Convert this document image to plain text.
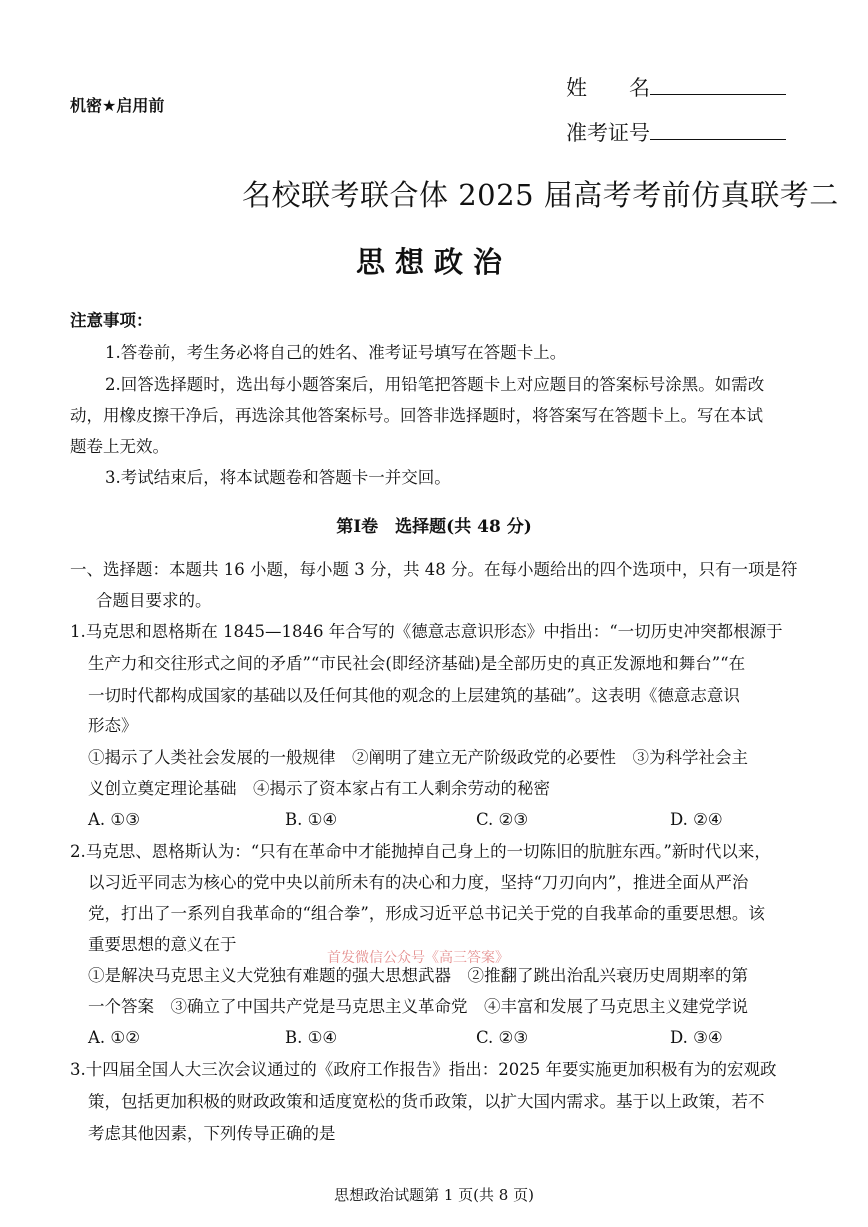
机密★启用前
姓　　名
准考证号
名校联考联合体 2025 届高考考前仿真联考二
思想政治
注意事项：
1.答卷前，考生务必将自己的姓名、准考证号填写在答题卡上。
2.回答选择题时，选出每小题答案后，用铅笔把答题卡上对应题目的答案标号涂黑。如需改
动，用橡皮擦干净后，再选涂其他答案标号。回答非选择题时，将答案写在答题卡上。写在本试
题卷上无效。
3.考试结束后，将本试题卷和答题卡一并交回。
第Ⅰ卷　选择题(共 48 分)
一、选择题：本题共 16 小题，每小题 3 分，共 48 分。在每小题给出的四个选项中，只有一项是符
合题目要求的。
1.马克思和恩格斯在 1845—1846 年合写的《德意志意识形态》中指出：“一切历史冲突都根源于
生产力和交往形式之间的矛盾”“市民社会(即经济基础)是全部历史的真正发源地和舞台”“在
一切时代都构成国家的基础以及任何其他的观念的上层建筑的基础”。这表明《德意志意识
形态》
①揭示了人类社会发展的一般规律　②阐明了建立无产阶级政党的必要性　③为科学社会主
义创立奠定理论基础　④揭示了资本家占有工人剩余劳动的秘密
A. ①③	B. ①④	C. ②③	D. ②④
2.马克思、恩格斯认为：“只有在革命中才能抛掉自己身上的一切陈旧的肮脏东西。”新时代以来，
以习近平同志为核心的党中央以前所未有的决心和力度，坚持“刀刃向内”，推进全面从严治
党，打出了一系列自我革命的“组合拳”，形成习近平总书记关于党的自我革命的重要思想。该
重要思想的意义在于
首发微信公众号《高三答案》
①是解决马克思主义大党独有难题的强大思想武器　②推翻了跳出治乱兴衰历史周期率的第
一个答案　③确立了中国共产党是马克思主义革命党　④丰富和发展了马克思主义建党学说
A. ①②	B. ①④	C. ②③	D. ③④
3.十四届全国人大三次会议通过的《政府工作报告》指出：2025 年要实施更加积极有为的宏观政
策，包括更加积极的财政政策和适度宽松的货币政策，以扩大国内需求。基于以上政策，若不
考虑其他因素，下列传导正确的是
思想政治试题第 1 页(共 8 页)
